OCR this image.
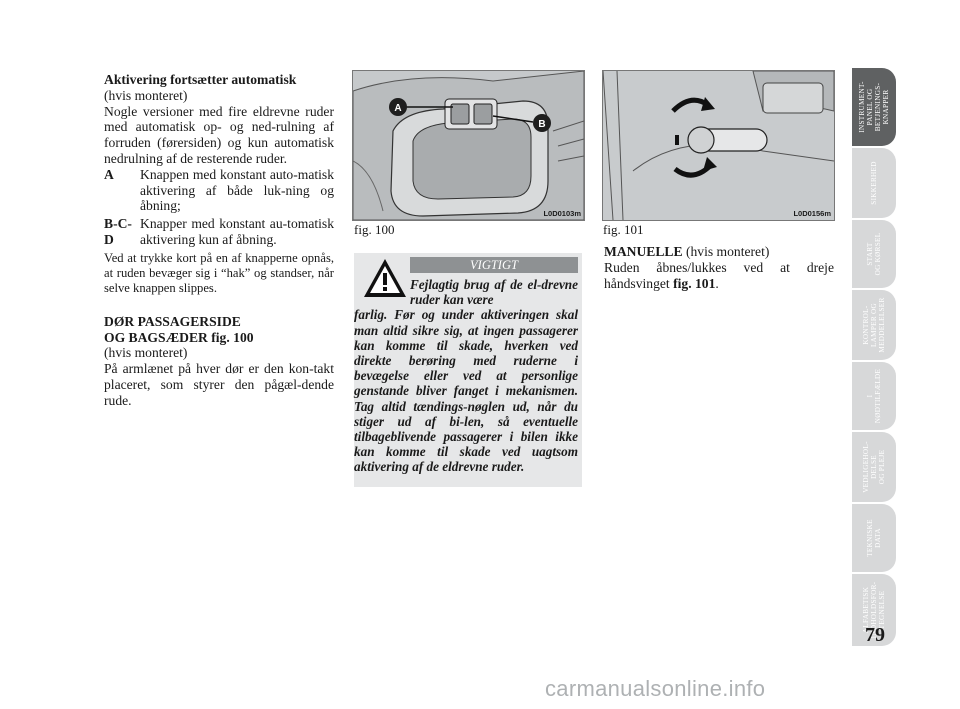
Aktivering fortsætter automatisk

(hvis monteret)

Nogle versioner med fire eldrevne ruder med automatisk op- og ned-rulning af forruden (førersiden) og kun automatisk nedrulning af de resterende ruder.

A	Knappen med konstant auto-matisk aktivering af både luk-ning og åbning;
B-C-D
Knapper med konstant au-tomatisk aktivering kun af åbning.

Ved at trykke kort på en af knapperne opnås, at ruden bevæger sig i “hak” og standser, når selve knappen slippes.

DØR PASSAGERSIDE

OG BAGSÆDER fig. 100

(hvis monteret)

På armlænet på hver dør er den kon-takt placeret, som styrer den pågæl-dende rude.

A
B
L0D0103m
fig. 100
VIGTIGT
Fejlagtig brug af de el-drevne ruder kan være
farlig. Før og under aktiveringen skal man altid sikre sig, at ingen passagerer kan komme til skade, hverken ved direkte berøring med ruderne i bevægelse eller ved at personlige genstande bliver fanget i mekanismen. Tag altid tændings-nøglen ud, når du stiger ud af bi-len, så eventuelle tilbageblivende passagerer i bilen ikke kan komme til skade ved uagtsom aktivering af de eldrevne ruder.
L0D0156m
fig. 101

MANUELLE (hvis monteret)

Ruden åbnes/lukkes ved at dreje håndsvinget fig. 101.

INSTRUMENT-
PANEL OG
BETJENINGS-
KNAPPER
SIKKERHED
START
OG KØRSEL
KONTROL-
LAMPER OG
MEDDELELSER
I
NØDTILFÆLDE
VEDLIGEHOL-
DELSE
OG PLEJE
TEKNISKE
DATA
ALFABETISK
INDHOLDSFOR-
TEGNELSE
79
carmanualsonline.info
